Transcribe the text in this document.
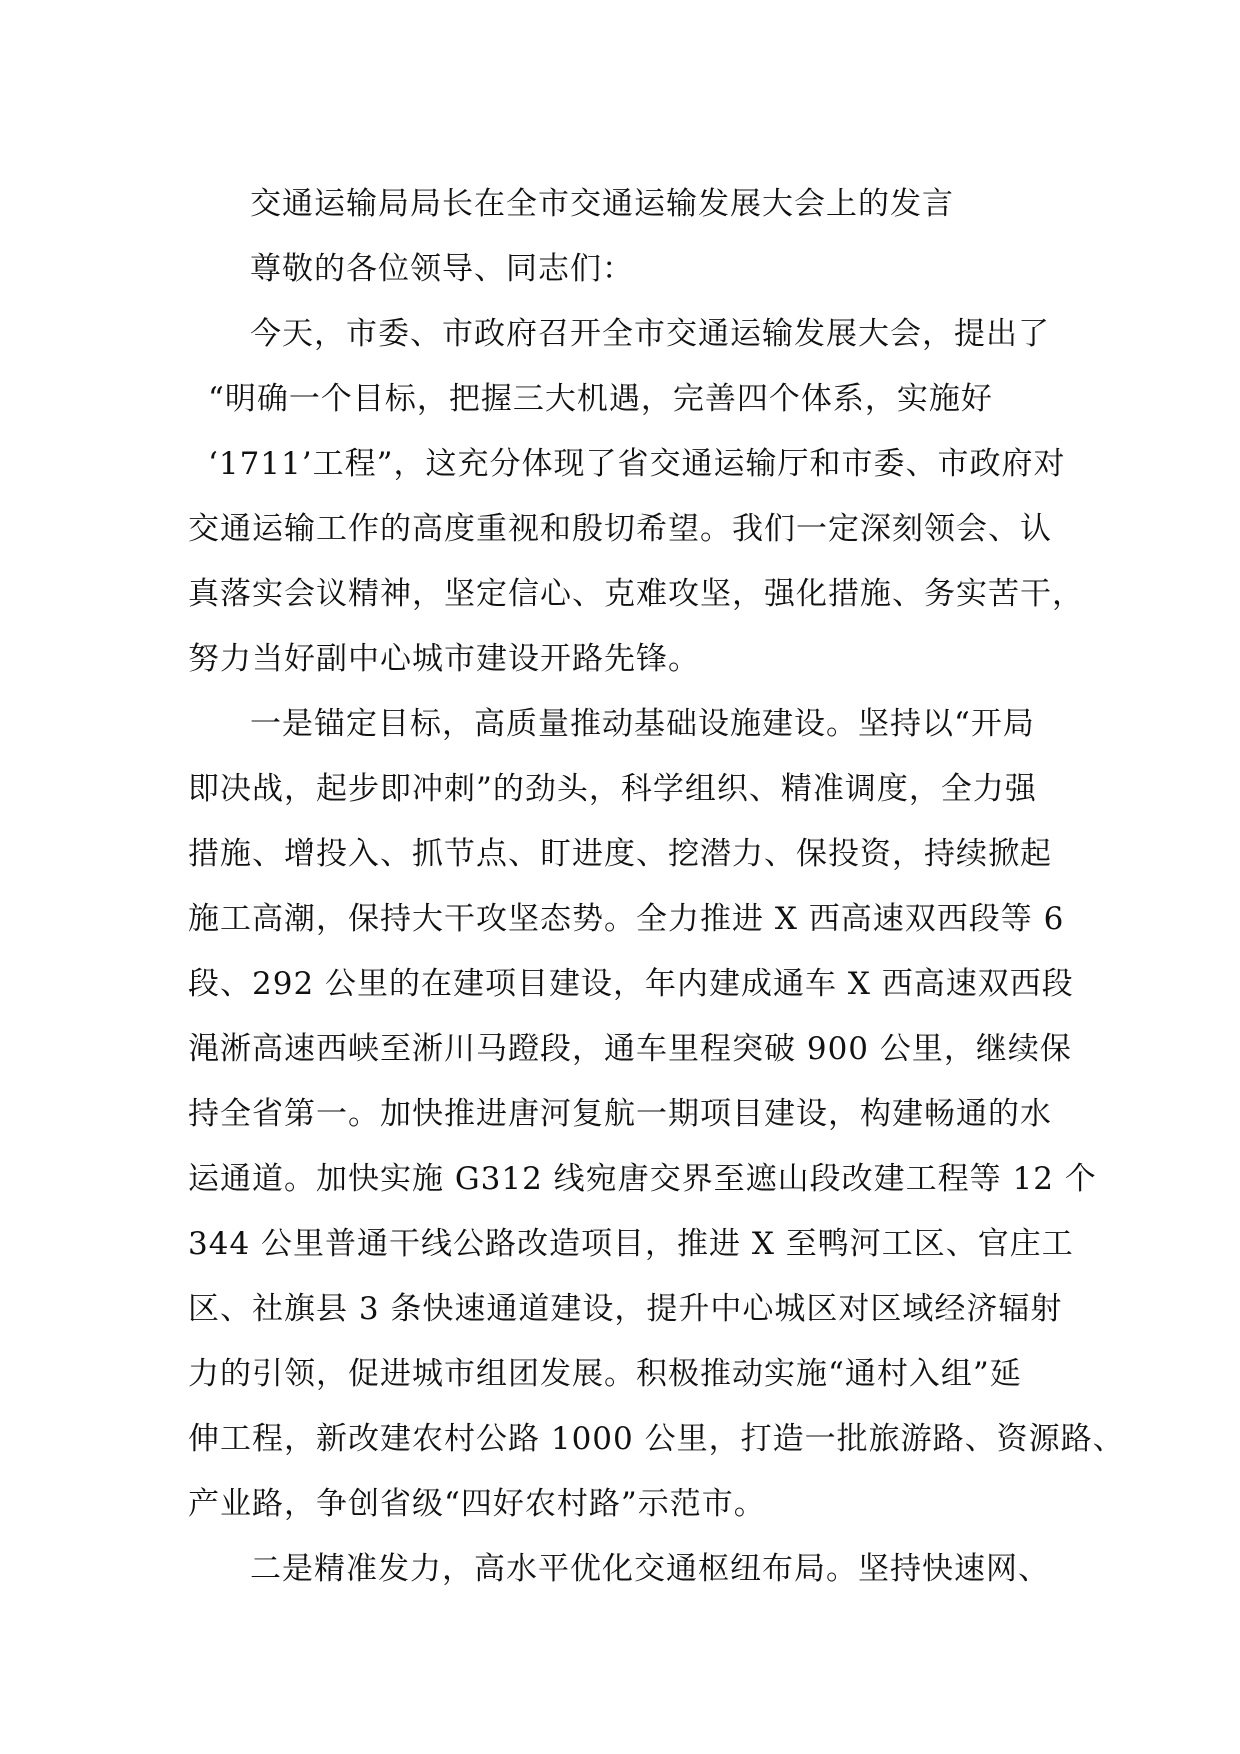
交通运输局局长在全市交通运输发展大会上的发言
尊敬的各位领导、同志们：
今天，市委、市政府召开全市交通运输发展大会，提出了
“明确一个目标，把握三大机遇，完善四个体系，实施好
‘1711’工程”，这充分体现了省交通运输厅和市委、市政府对
交通运输工作的高度重视和殷切希望。我们一定深刻领会、认
真落实会议精神，坚定信心、克难攻坚，强化措施、务实苦干，
努力当好副中心城市建设开路先锋。
一是锚定目标，高质量推动基础设施建设。坚持以“开局
即决战，起步即冲刺”的劲头，科学组织、精准调度，全力强
措施、增投入、抓节点、盯进度、挖潜力、保投资，持续掀起
施工高潮，保持大干攻坚态势。全力推进 X 西高速双西段等 6
段、292 公里的在建项目建设，年内建成通车 X 西高速双西段
渑淅高速西峡至淅川马蹬段，通车里程突破 900 公里，继续保
持全省第一。加快推进唐河复航一期项目建设，构建畅通的水
运通道。加快实施 G312 线宛唐交界至遮山段改建工程等 12 个
344 公里普通干线公路改造项目，推进 X 至鸭河工区、官庄工
区、社旗县 3 条快速通道建设，提升中心城区对区域经济辐射
力的引领，促进城市组团发展。积极推动实施“通村入组”延
伸工程，新改建农村公路 1000 公里，打造一批旅游路、资源路、
产业路，争创省级“四好农村路”示范市。
二是精准发力，高水平优化交通枢纽布局。坚持快速网、
